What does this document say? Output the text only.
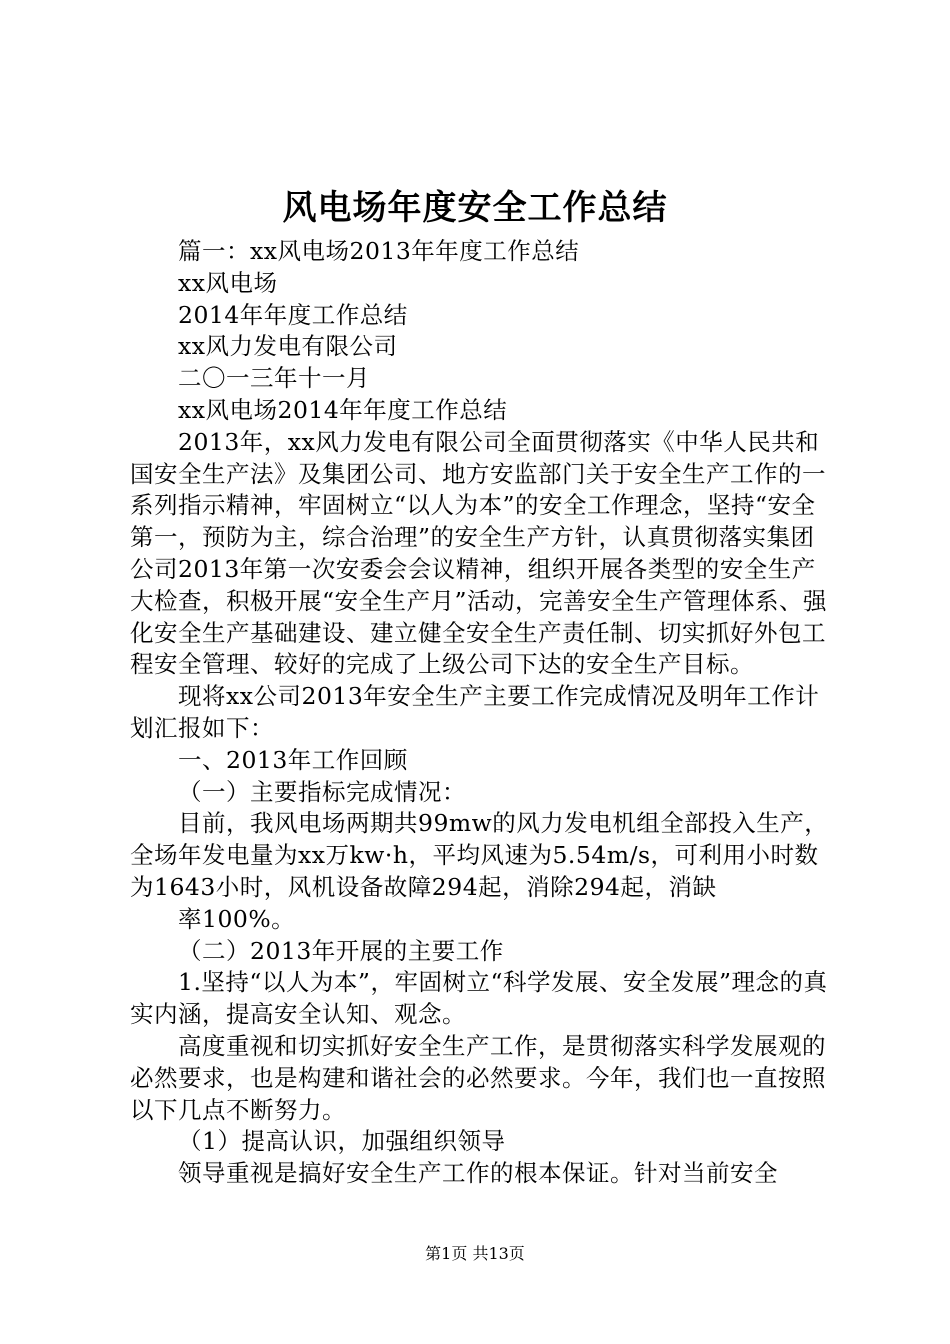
风电场年度安全工作总结

篇一：xx风电场2013年年度工作总结

xx风电场

2014年年度工作总结

xx风力发电有限公司

二〇一三年十一月

xx风电场2014年年度工作总结

2013年，xx风力发电有限公司全面贯彻落实《中华人民共和国安全生产法》及集团公司、地方安监部门关于安全生产工作的一系列指示精神，牢固树立“以人为本”的安全工作理念，坚持“安全第一，预防为主，综合治理”的安全生产方针，认真贯彻落实集团公司2013年第一次安委会会议精神，组织开展各类型的安全生产大检查，积极开展“安全生产月”活动，完善安全生产管理体系、强化安全生产基础建设、建立健全安全生产责任制、切实抓好外包工程安全管理、较好的完成了上级公司下达的安全生产目标。

现将xx公司2013年安全生产主要工作完成情况及明年工作计划汇报如下：

一、2013年工作回顾

（一）主要指标完成情况：

目前，我风电场两期共99mw的风力发电机组全部投入生产，全场年发电量为xx万kw·h，平均风速为5.54m/s，可利用小时数为1643小时，风机设备故障294起，消除294起，消缺

率100%。

（二）2013年开展的主要工作

1.坚持“以人为本”，牢固树立“科学发展、安全发展”理念的真实内涵，提高安全认知、观念。

高度重视和切实抓好安全生产工作，是贯彻落实科学发展观的必然要求，也是构建和谐社会的必然要求。今年，我们也一直按照以下几点不断努力。

（1）提高认识，加强组织领导

领导重视是搞好安全生产工作的根本保证。针对当前安全

第1页 共13页
